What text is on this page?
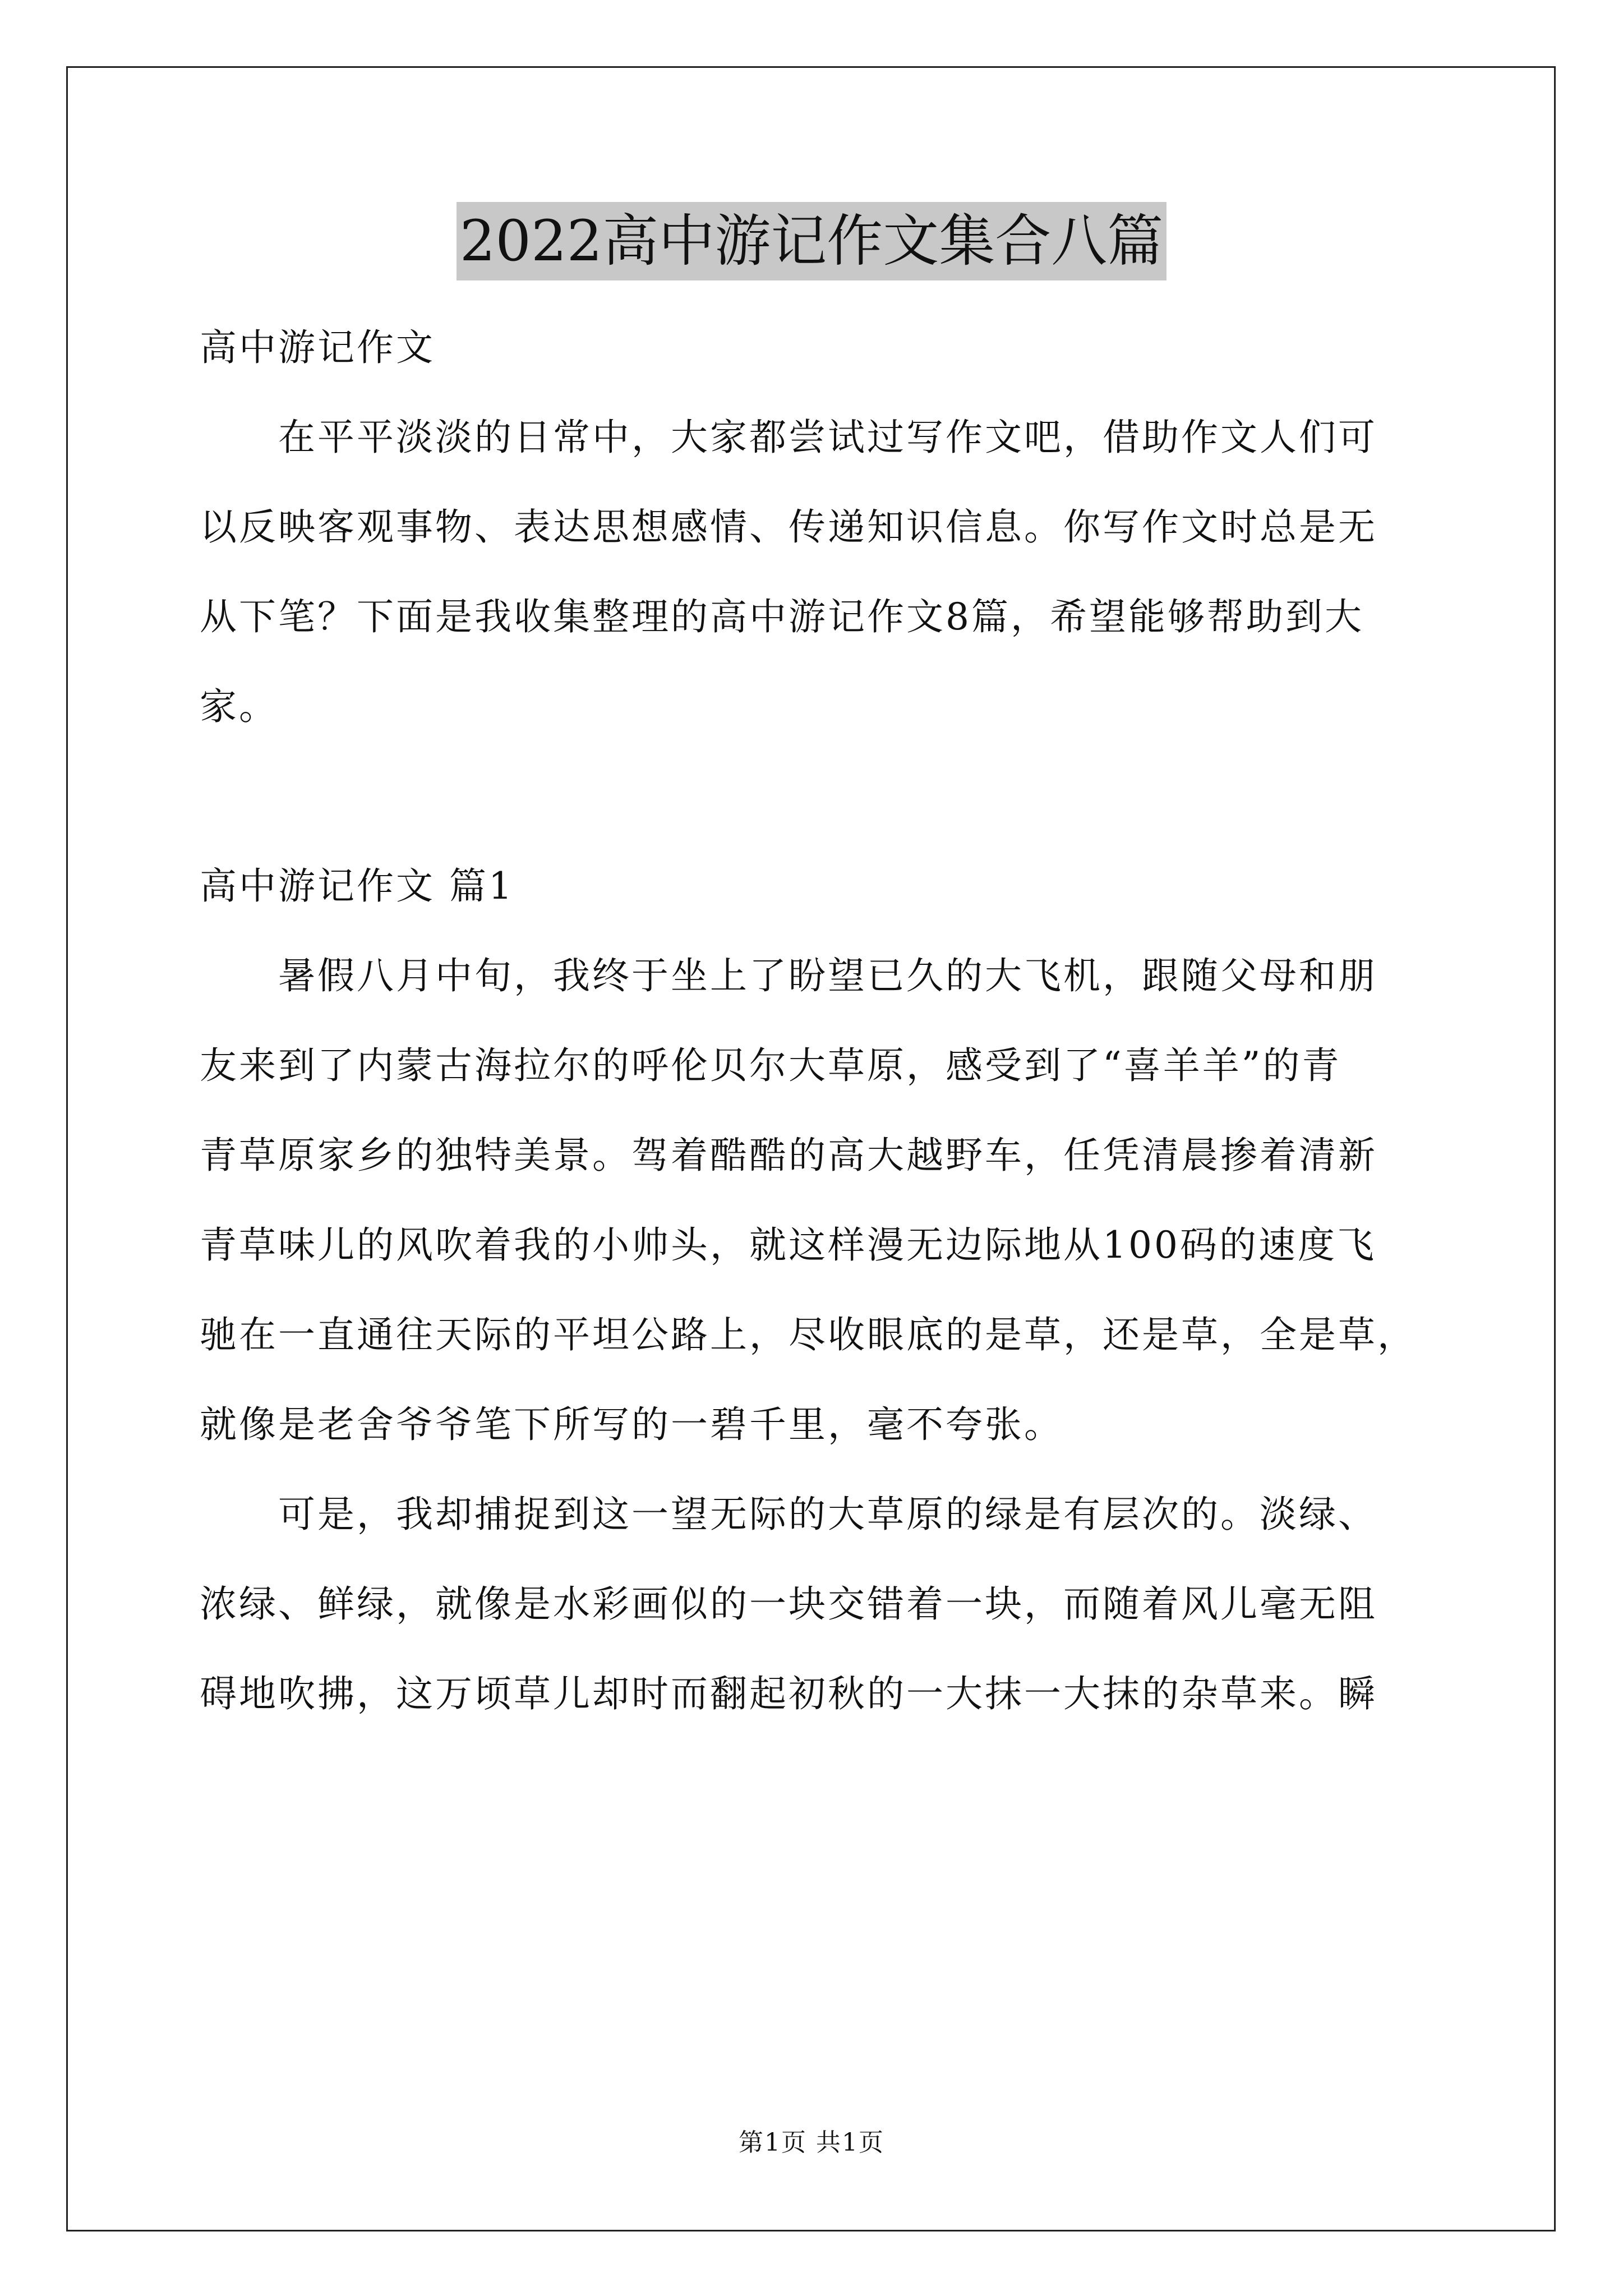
2022高中游记作文集合八篇
高中游记作文
在平平淡淡的日常中，大家都尝试过写作文吧，借助作文人们可
以反映客观事物、表达思想感情、传递知识信息。你写作文时总是无
从下笔？下面是我收集整理的高中游记作文8篇，希望能够帮助到大
家。
高中游记作文 篇1
暑假八月中旬，我终于坐上了盼望已久的大飞机，跟随父母和朋
友来到了内蒙古海拉尔的呼伦贝尔大草原，感受到了“喜羊羊”的青
青草原家乡的独特美景。驾着酷酷的高大越野车，任凭清晨掺着清新
青草味儿的风吹着我的小帅头，就这样漫无边际地从100码的速度飞
驰在一直通往天际的平坦公路上，尽收眼底的是草，还是草，全是草，
就像是老舍爷爷笔下所写的一碧千里，毫不夸张。
可是，我却捕捉到这一望无际的大草原的绿是有层次的。淡绿、
浓绿、鲜绿，就像是水彩画似的一块交错着一块，而随着风儿毫无阻
碍地吹拂，这万顷草儿却时而翻起初秋的一大抹一大抹的杂草来。瞬
第1页 共1页
